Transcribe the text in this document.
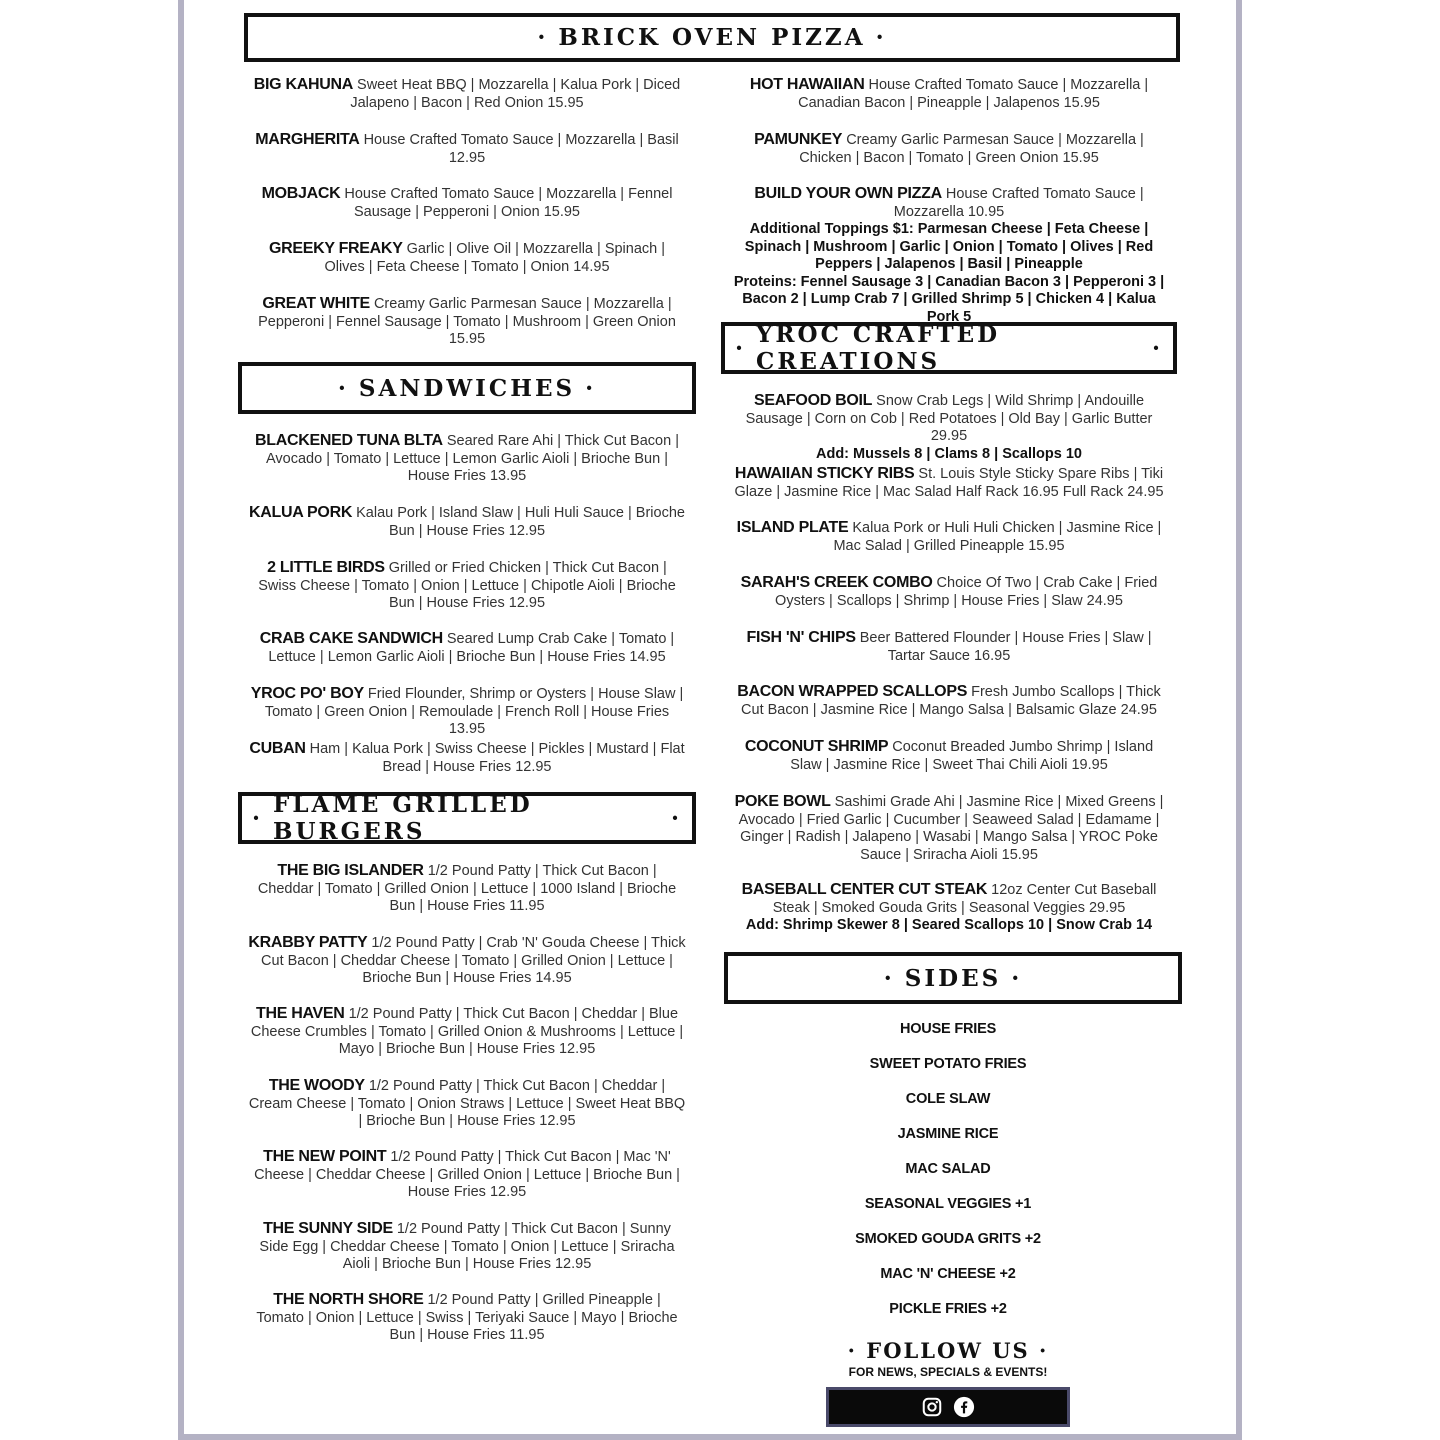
· BRICK OVEN PIZZA ·
BIG KAHUNA Sweet Heat BBQ | Mozzarella | Kalua Pork | Diced Jalapeno | Bacon | Red Onion 15.95
MARGHERITA House Crafted Tomato Sauce | Mozzarella | Basil 12.95
MOBJACK House Crafted Tomato Sauce | Mozzarella | Fennel Sausage | Pepperoni | Onion 15.95
GREEKY FREAKY Garlic | Olive Oil | Mozzarella | Spinach | Olives | Feta Cheese | Tomato | Onion 14.95
GREAT WHITE Creamy Garlic Parmesan Sauce | Mozzarella | Pepperoni | Fennel Sausage | Tomato | Mushroom | Green Onion 15.95
· SANDWICHES ·
BLACKENED TUNA BLTA Seared Rare Ahi | Thick Cut Bacon | Avocado | Tomato | Lettuce | Lemon Garlic Aioli | Brioche Bun | House Fries 13.95
KALUA PORK Kalau Pork | Island Slaw | Huli Huli Sauce | Brioche Bun | House Fries 12.95
2 LITTLE BIRDS Grilled or Fried Chicken | Thick Cut Bacon | Swiss Cheese | Tomato | Onion | Lettuce | Chipotle Aioli | Brioche Bun | House Fries 12.95
CRAB CAKE SANDWICH Seared Lump Crab Cake | Tomato | Lettuce | Lemon Garlic Aioli | Brioche Bun | House Fries 14.95
YROC PO' BOY Fried Flounder, Shrimp or Oysters | House Slaw | Tomato | Green Onion | Remoulade | French Roll | House Fries 13.95
CUBAN Ham | Kalua Pork | Swiss Cheese | Pickles | Mustard | Flat Bread | House Fries 12.95
· FLAME GRILLED BURGERS	·
THE BIG ISLANDER 1/2 Pound Patty | Thick Cut Bacon | Cheddar | Tomato | Grilled Onion | Lettuce | 1000 Island | Brioche Bun | House Fries 11.95
KRABBY PATTY 1/2 Pound Patty | Crab 'N' Gouda Cheese | Thick Cut Bacon | Cheddar Cheese | Tomato | Grilled Onion | Lettuce | Brioche Bun | House Fries 14.95
THE HAVEN 1/2 Pound Patty | Thick Cut Bacon | Cheddar | Blue Cheese Crumbles | Tomato | Grilled Onion & Mushrooms | Lettuce | Mayo | Brioche Bun | House Fries 12.95
THE WOODY 1/2 Pound Patty | Thick Cut Bacon | Cheddar | Cream Cheese | Tomato | Onion Straws | Lettuce | Sweet Heat BBQ | Brioche Bun | House Fries 12.95
THE NEW POINT 1/2 Pound Patty | Thick Cut Bacon | Mac 'N' Cheese | Cheddar Cheese | Grilled Onion | Lettuce | Brioche Bun | House Fries 12.95
THE SUNNY SIDE 1/2 Pound Patty | Thick Cut Bacon | Sunny Side Egg | Cheddar Cheese | Tomato | Onion | Lettuce | Sriracha Aioli | Brioche Bun | House Fries 12.95
THE NORTH SHORE 1/2 Pound Patty | Grilled Pineapple | Tomato | Onion | Lettuce | Swiss | Teriyaki Sauce | Mayo | Brioche Bun | House Fries 11.95
HOT HAWAIIAN House Crafted Tomato Sauce | Mozzarella | Canadian Bacon | Pineapple | Jalapenos 15.95
PAMUNKEY Creamy Garlic Parmesan Sauce | Mozzarella | Chicken | Bacon | Tomato | Green Onion 15.95
BUILD YOUR OWN PIZZA House Crafted Tomato Sauce | Mozzarella 10.95
Additional Toppings $1: Parmesan Cheese | Feta Cheese | Spinach | Mushroom | Garlic | Onion | Tomato | Olives | Red Peppers | Jalapenos | Basil | Pineapple
Proteins: Fennel Sausage 3 | Canadian Bacon 3 | Pepperoni 3 | Bacon 2 | Lump Crab 7 | Grilled Shrimp 5 | Chicken 4 | Kalua Pork 5
· YROC CRAFTED CREATIONS	·
SEAFOOD BOIL Snow Crab Legs | Wild Shrimp | Andouille Sausage | Corn on Cob | Red Potatoes | Old Bay | Garlic Butter 29.95
Add: Mussels 8 | Clams 8 | Scallops 10
HAWAIIAN STICKY RIBS St. Louis Style Sticky Spare Ribs | Tiki Glaze | Jasmine Rice | Mac Salad Half Rack 16.95 Full Rack 24.95
ISLAND PLATE Kalua Pork or Huli Huli Chicken | Jasmine Rice | Mac Salad | Grilled Pineapple 15.95
SARAH'S CREEK COMBO Choice Of Two | Crab Cake | Fried Oysters | Scallops | Shrimp | House Fries | Slaw 24.95
FISH 'N' CHIPS Beer Battered Flounder | House Fries | Slaw | Tartar Sauce 16.95
BACON WRAPPED SCALLOPS Fresh Jumbo Scallops | Thick Cut Bacon | Jasmine Rice | Mango Salsa | Balsamic Glaze 24.95
COCONUT SHRIMP Coconut Breaded Jumbo Shrimp | Island Slaw | Jasmine Rice | Sweet Thai Chili Aioli 19.95
POKE BOWL Sashimi Grade Ahi | Jasmine Rice | Mixed Greens | Avocado | Fried Garlic | Cucumber | Seaweed Salad | Edamame | Ginger | Radish | Jalapeno | Wasabi | Mango Salsa | YROC Poke Sauce | Sriracha Aioli 15.95
BASEBALL CENTER CUT STEAK 12oz Center Cut Baseball Steak | Smoked Gouda Grits | Seasonal Veggies 29.95
Add: Shrimp Skewer 8 | Seared Scallops 10 | Snow Crab 14
· SIDES ·
HOUSE FRIES
SWEET POTATO FRIES
COLE SLAW
JASMINE RICE
MAC SALAD
SEASONAL VEGGIES +1
SMOKED GOUDA GRITS +2
MAC 'N' CHEESE +2
PICKLE FRIES +2
· FOLLOW US ·
FOR NEWS, SPECIALS & EVENTS!
